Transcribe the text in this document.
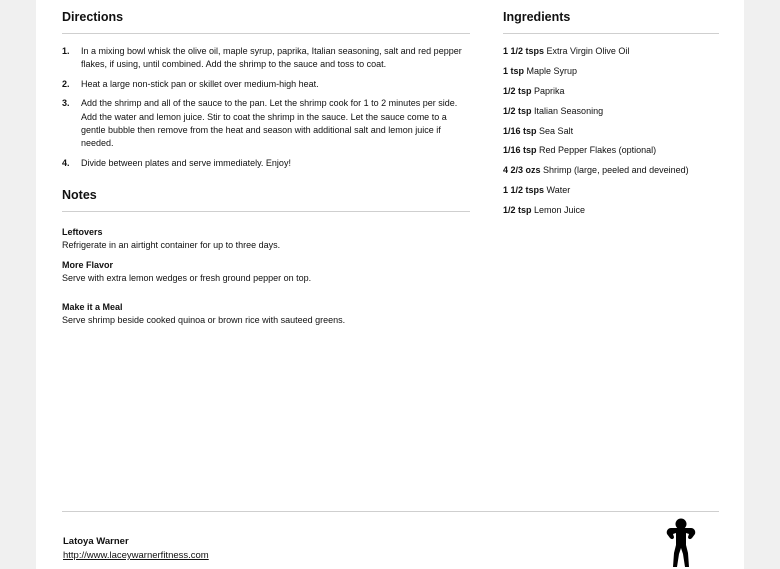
Directions
1. In a mixing bowl whisk the olive oil, maple syrup, paprika, Italian seasoning, salt and red pepper flakes, if using, until combined. Add the shrimp to the sauce and toss to coat.
2. Heat a large non-stick pan or skillet over medium-high heat.
3. Add the shrimp and all of the sauce to the pan. Let the shrimp cook for 1 to 2 minutes per side. Add the water and lemon juice. Stir to coat the shrimp in the sauce. Let the sauce come to a gentle bubble then remove from the heat and season with additional salt and lemon juice if needed.
4. Divide between plates and serve immediately. Enjoy!
Notes
Leftovers
Refrigerate in an airtight container for up to three days.
More Flavor
Serve with extra lemon wedges or fresh ground pepper on top.
Make it a Meal
Serve shrimp beside cooked quinoa or brown rice with sauteed greens.
Ingredients
1 1/2 tsps Extra Virgin Olive Oil
1 tsp Maple Syrup
1/2 tsp Paprika
1/2 tsp Italian Seasoning
1/16 tsp Sea Salt
1/16 tsp Red Pepper Flakes (optional)
4 2/3 ozs Shrimp (large, peeled and deveined)
1 1/2 tsps Water
1/2 tsp Lemon Juice
Latoya Warner
http://www.laceywarnerfitness.com
